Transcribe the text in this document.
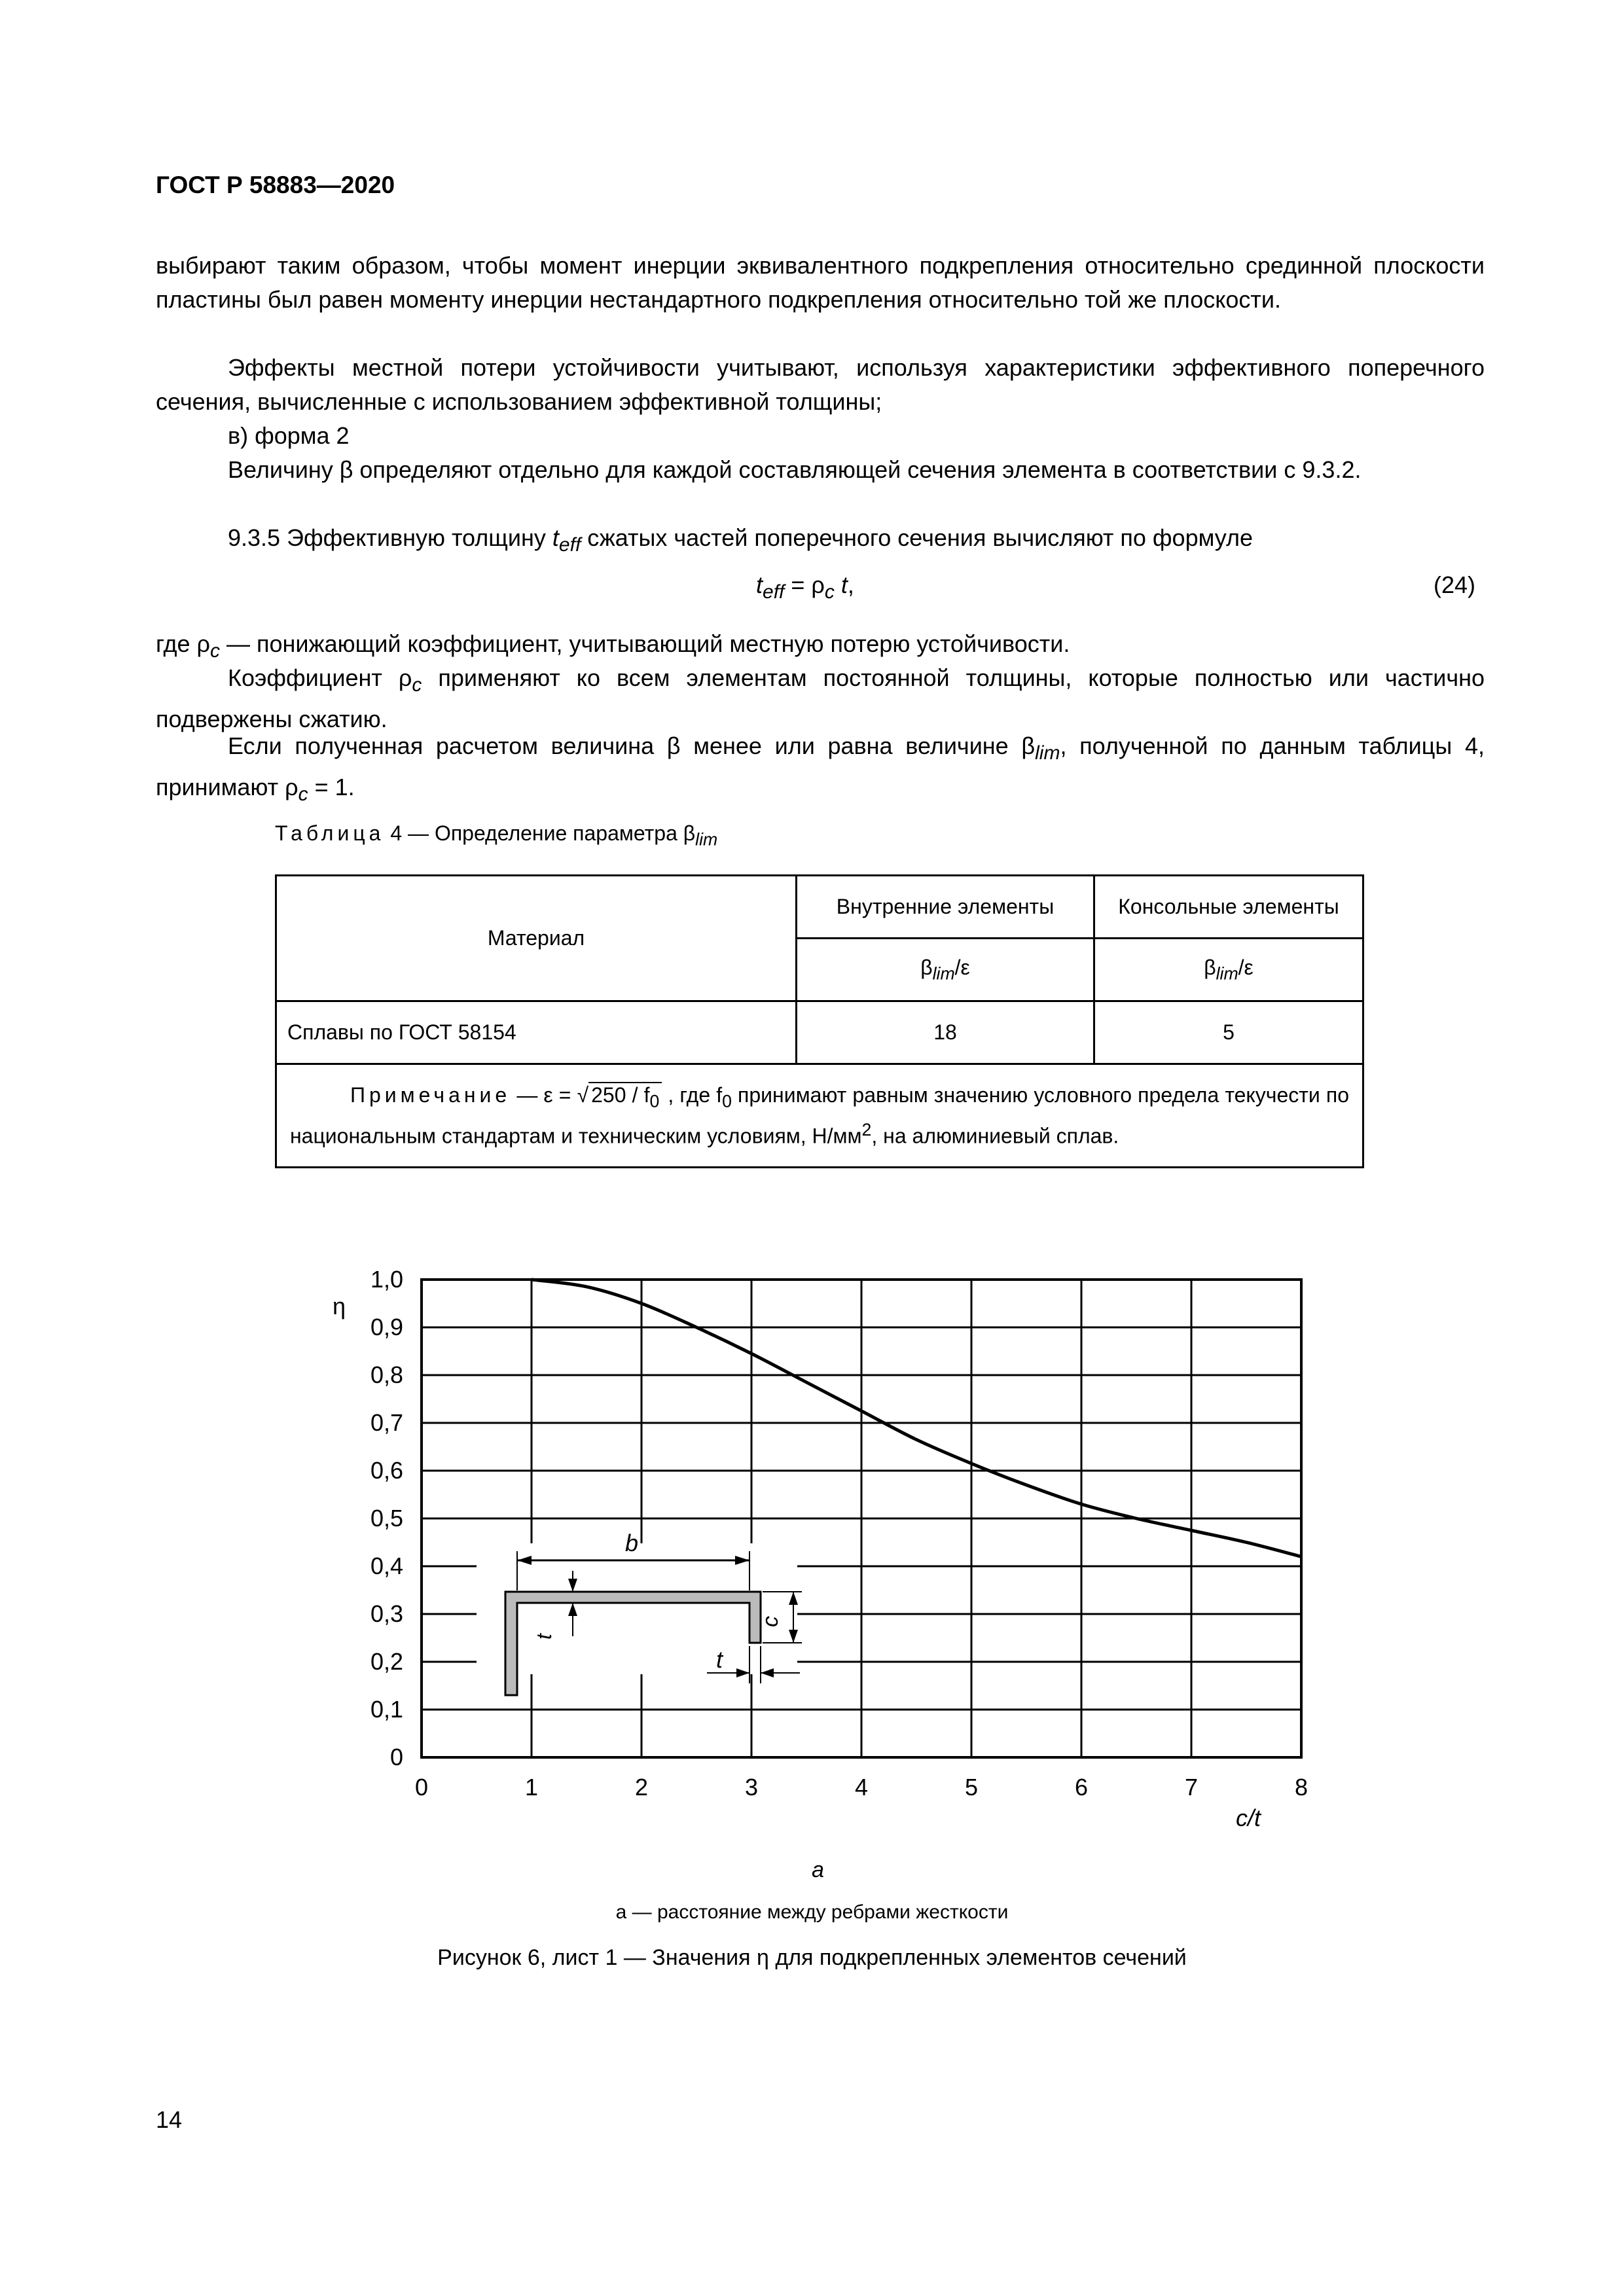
ГОСТ Р 58883—2020
выбирают таким образом, чтобы момент инерции эквивалентного подкрепления относительно срединной плоскости пластины был равен моменту инерции нестандартного подкрепления относительно той же плоскости.
Эффекты местной потери устойчивости учитывают, используя характеристики эффективного поперечного сечения, вычисленные с использованием эффективной толщины;
в) форма 2
Величину β определяют отдельно для каждой составляющей сечения элемента в соответствии с 9.3.2.
9.3.5 Эффективную толщину $t_{eff}$ сжатых частей поперечного сечения вычисляют по формуле
$t_{eff} = \rho_c$ t,	(24)
где $\rho_c$ — понижающий коэффициент, учитывающий местную потерю устойчивости.
Коэффициент $\rho_c$ применяют ко всем элементам постоянной толщины, которые полностью или частично подвержены сжатию.
Если полученная расчетом величина β менее или равна величине $\beta_{lim}$, полученной по данным таблицы 4, принимают $\rho_c = 1$.
Таблица 4 — Определение параметра $\beta_{lim}$
Материал	Внутренние элементы	Консольные элементы
	$\beta_{lim}/\varepsilon$	$\beta_{lim}/\varepsilon$
Сплавы по ГОСТ 58154	18	5
Примечание — ε = √ $250 / f_0$ , где $f_0$ принимают равным значению условного предела текучести по национальным стандартам и техническим условиям, $Н/мм^2$, на алюминиевый сплав.		
0
0,1
0,2
0,3
0,4
0,5
0,6
0,7
0,8
0,9
1,0
0	1	2	3	4	5	6	7	8
η
c/t
b
t
c
t
а
а — расстояние между ребрами жесткости
Рисунок 6, лист 1 — Значения η для подкрепленных элементов сечений
14
